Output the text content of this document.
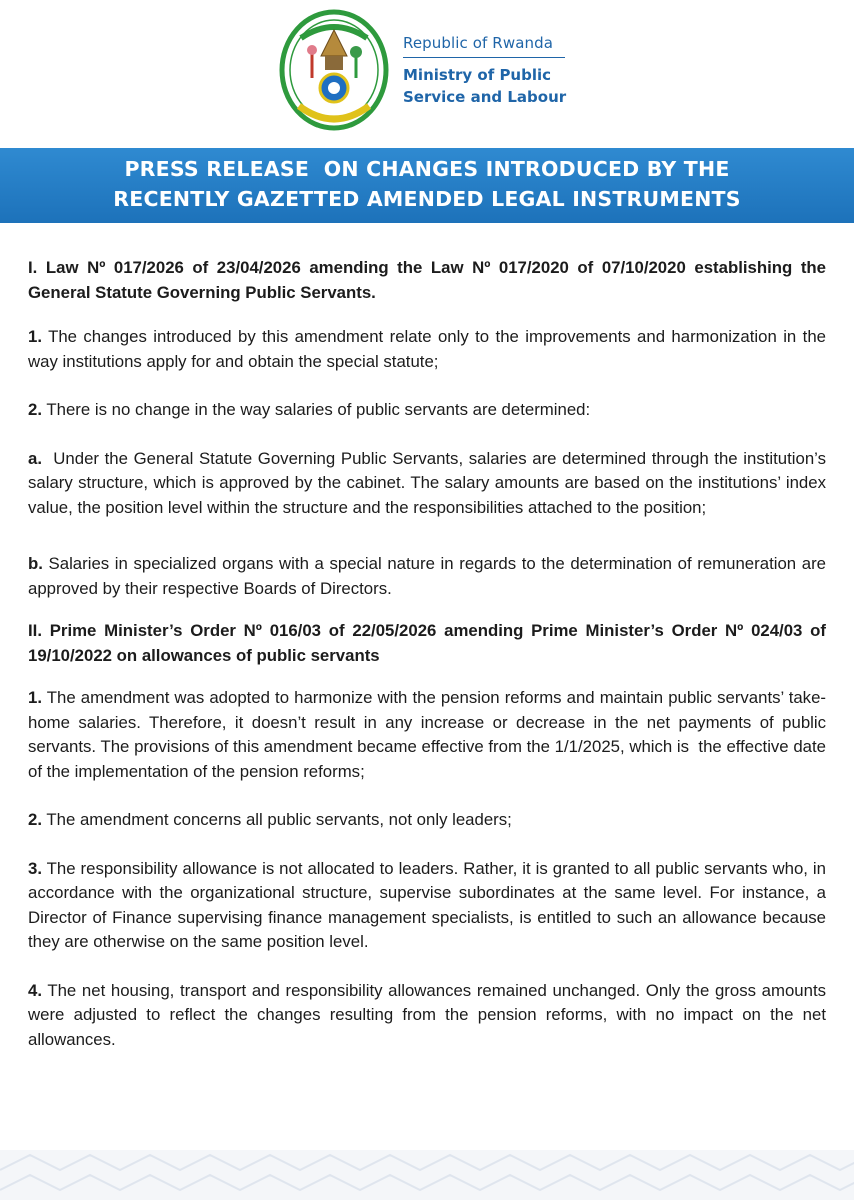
Republic of Rwanda
Ministry of Public
Service and Labour
PRESS RELEASE  ON CHANGES INTRODUCED BY THE
RECENTLY GAZETTED AMENDED LEGAL INSTRUMENTS

I. Law Nº 017/2026 of 23/04/2026 amending the Law Nº 017/2020 of 07/10/2020 establishing the General Statute Governing Public Servants.

1. The changes introduced by this amendment relate only to the improvements and harmonization in the way institutions apply for and obtain the special statute;

2. There is no change in the way salaries of public servants are determined:

a.  Under the General Statute Governing Public Servants, salaries are determined through the institution’s salary structure, which is approved by the cabinet. The salary amounts are based on the institutions’ index value, the position level within the structure and the responsibilities attached to the position;

b. Salaries in specialized organs with a special nature in regards to the determination of remuneration are approved by their respective Boards of Directors.

II. Prime Minister’s Order Nº 016/03 of 22/05/2026 amending Prime Minister’s Order Nº 024/03 of 19/10/2022 on allowances of public servants

1. The amendment was adopted to harmonize with the pension reforms and maintain public servants’ take-home salaries. Therefore, it doesn’t result in any increase or decrease in the net payments of public servants. The provisions of this amendment became effective from the 1/1/2025, which is  the effective date of the implementation of the pension reforms;

2. The amendment concerns all public servants, not only leaders;

3. The responsibility allowance is not allocated to leaders. Rather, it is granted to all public servants who, in accordance with the organizational structure, supervise subordinates at the same level. For instance, a Director of Finance supervising finance management specialists, is entitled to such an allowance because they are otherwise on the same position level.

4. The net housing, transport and responsibility allowances remained unchanged. Only the gross amounts were adjusted to reflect the changes resulting from the pension reforms, with no impact on the net allowances.
